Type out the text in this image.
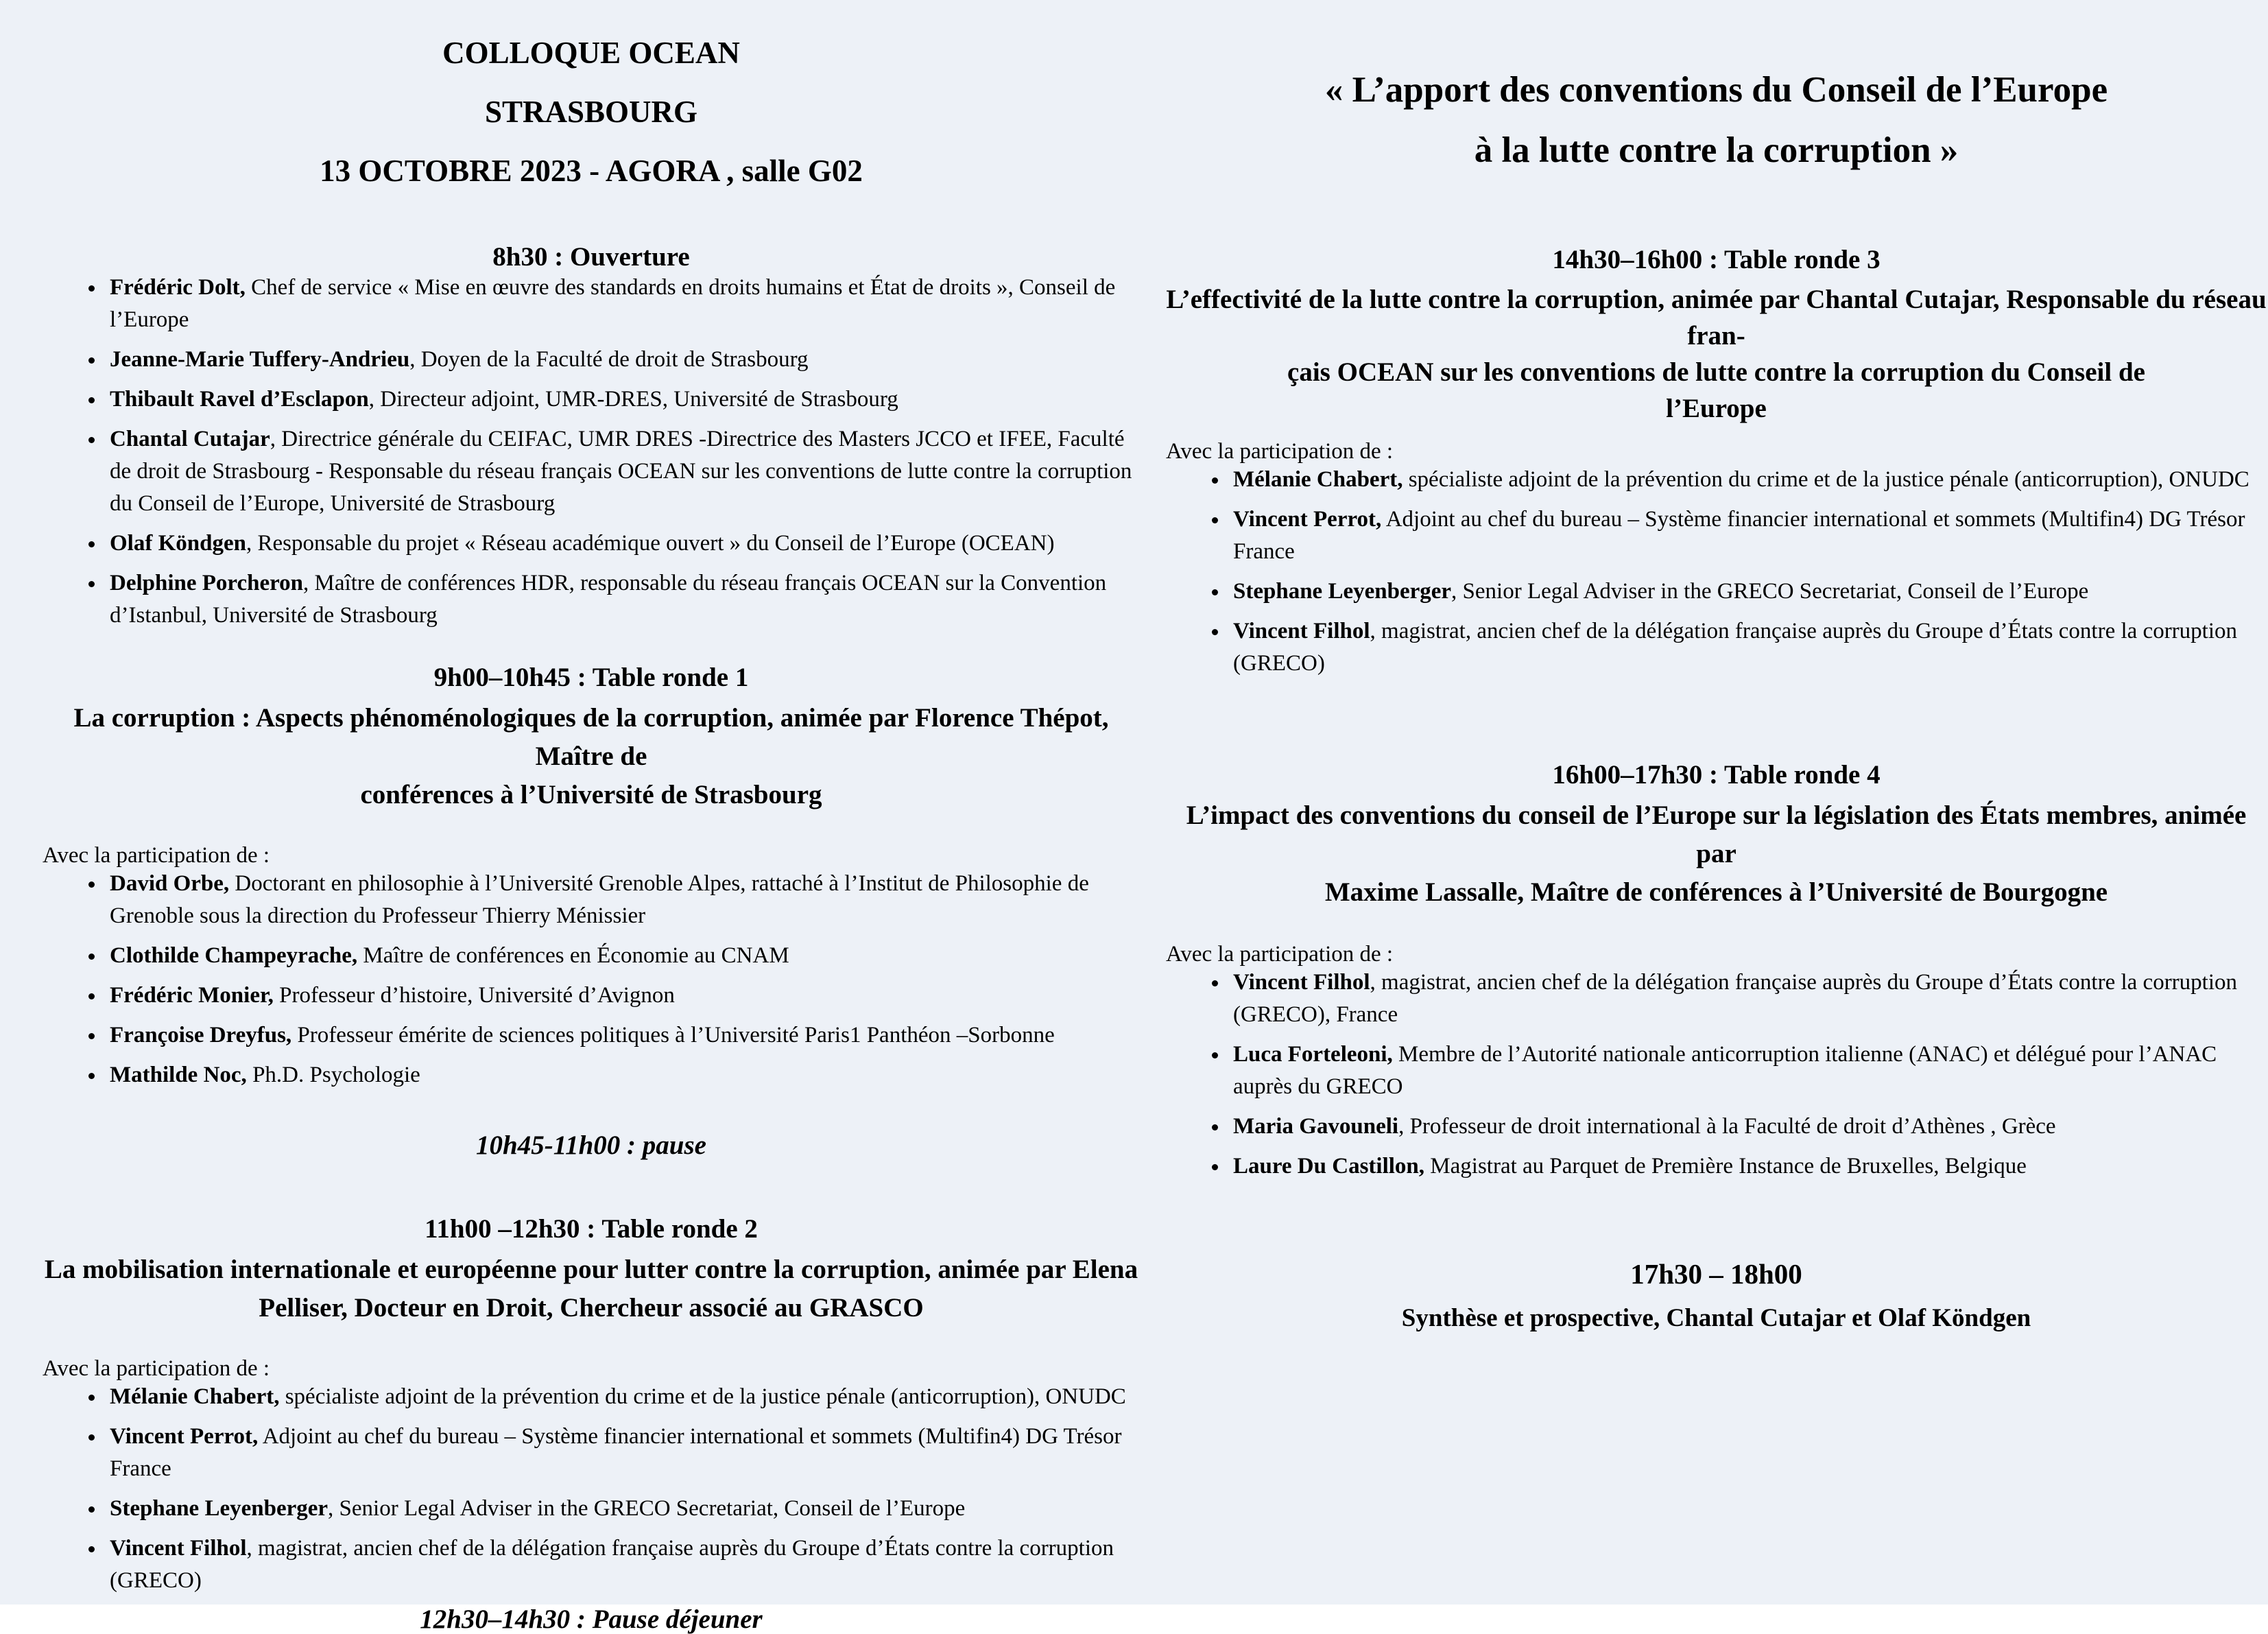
COLLOQUE OCEAN
STRASBOURG
13 OCTOBRE 2023 - AGORA , salle G02
8h30 : Ouverture
• Frédéric Dolt, Chef de service « Mise en œuvre des standards en droits humains et État de droits », Conseil de l’Europe
• Jeanne-Marie Tuffery-Andrieu, Doyen de la Faculté de droit de Strasbourg
• Thibault Ravel d’Esclapon, Directeur adjoint, UMR-DRES, Université de Strasbourg
• Chantal Cutajar, Directrice générale du CEIFAC, UMR DRES -Directrice des Masters JCCO et IFEE, Faculté de droit de Strasbourg - Responsable du réseau français OCEAN sur les conventions de lutte contre la corruption du Conseil de l’Europe, Université de Strasbourg
• Olaf Köndgen, Responsable du projet « Réseau académique ouvert » du Conseil de l’Europe (OCEAN)
• Delphine Porcheron, Maître de conférences HDR, responsable du réseau français OCEAN sur la Convention d’Istanbul, Université de Strasbourg
9h00–10h45 : Table ronde 1
La corruption : Aspects phénoménologiques de la corruption, animée par Florence Thépot, Maître de
conférences à l’Université de Strasbourg
Avec la participation de :
• David Orbe, Doctorant en philosophie à l’Université Grenoble Alpes, rattaché à l’Institut de Philosophie de Grenoble sous la direction du Professeur Thierry Ménissier
• Clothilde Champeyrache, Maître de conférences en Économie au CNAM
• Frédéric Monier, Professeur d’histoire, Université d’Avignon
• Françoise Dreyfus, Professeur émérite de sciences politiques à l’Université Paris1 Panthéon –Sorbonne
• Mathilde Noc, Ph.D. Psychologie
10h45-11h00 : pause
11h00 –12h30 : Table ronde 2
La mobilisation internationale et européenne pour lutter contre la corruption, animée par Elena
Pelliser, Docteur en Droit, Chercheur associé au GRASCO
Avec la participation de :
• Mélanie Chabert, spécialiste adjoint de la prévention du crime et de la justice pénale (anticorruption), ONUDC
• Vincent Perrot, Adjoint au chef du bureau – Système financier international et sommets (Multifin4) DG Trésor France
• Stephane Leyenberger, Senior Legal Adviser in the GRECO Secretariat, Conseil de l’Europe
• Vincent Filhol, magistrat, ancien chef de la délégation française auprès du Groupe d’États contre la corruption (GRECO)
12h30–14h30 : Pause déjeuner
« L’apport des conventions du Conseil de l’Europe
à la lutte contre la corruption »
14h30–16h00 : Table ronde 3
L’effectivité de la lutte contre la corruption, animée par Chantal Cutajar, Responsable du réseau fran-
çais OCEAN sur les conventions de lutte contre la corruption du Conseil de
l’Europe
Avec la participation de :
• Mélanie Chabert, spécialiste adjoint de la prévention du crime et de la justice pénale (anticorruption), ONUDC
• Vincent Perrot, Adjoint au chef du bureau – Système financier international et sommets (Multifin4) DG Trésor France
• Stephane Leyenberger, Senior Legal Adviser in the GRECO Secretariat, Conseil de l’Europe
• Vincent Filhol, magistrat, ancien chef de la délégation française auprès du Groupe d’États contre la corruption (GRECO)
16h00–17h30 : Table ronde 4
L’impact des conventions du conseil de l’Europe sur la législation des États membres, animée par
Maxime Lassalle, Maître de conférences à l’Université de Bourgogne
Avec la participation de :
• Vincent Filhol, magistrat, ancien chef de la délégation française auprès du Groupe d’États contre la corruption (GRECO), France
• Luca Forteleoni, Membre de l’Autorité nationale anticorruption italienne (ANAC) et délégué pour l’ANAC auprès du GRECO
• Maria Gavouneli, Professeur de droit international à la Faculté de droit d’Athènes , Grèce
• Laure Du Castillon, Magistrat au Parquet de Première Instance de Bruxelles, Belgique
17h30 – 18h00
Synthèse et prospective, Chantal Cutajar et Olaf Köndgen
